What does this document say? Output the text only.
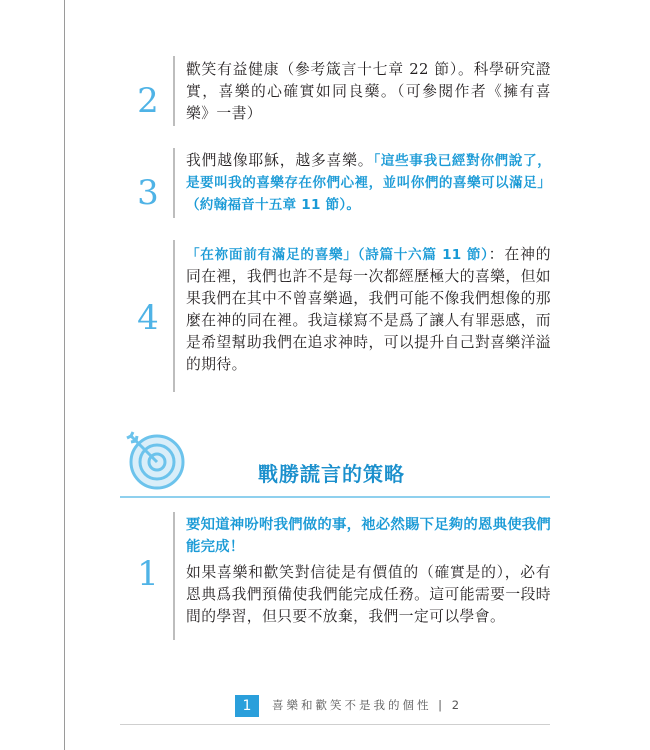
2

歡笑有益健康（參考箴言十七章 22 節）。科學研究證實，喜樂的心確實如同良藥。（可參閱作者《擁有喜樂》一書）

3

我們越像耶穌，越多喜樂。「這些事我已經對你們說了，是要叫我的喜樂存在你們心裡，並叫你們的喜樂可以滿足」（約翰福音十五章 11 節）。

4

「在祢面前有滿足的喜樂」（詩篇十六篇 11 節）：在神的同在裡，我們也許不是每一次都經歷極大的喜樂，但如果我們在其中不曾喜樂過，我們可能不像我們想像的那麼在神的同在裡。我這樣寫不是爲了讓人有罪惡感，而是希望幫助我們在追求神時，可以提升自己對喜樂洋溢的期待。

戰勝謊言的策略
1
要知道神吩咐我們做的事，祂必然賜下足夠的恩典使我們能完成！
如果喜樂和歡笑對信徒是有價值的（確實是的），必有恩典爲我們預備使我們能完成任務。這可能需要一段時間的學習，但只要不放棄，我們一定可以學會。
1	喜樂和歡笑不是我的個性 | 2
